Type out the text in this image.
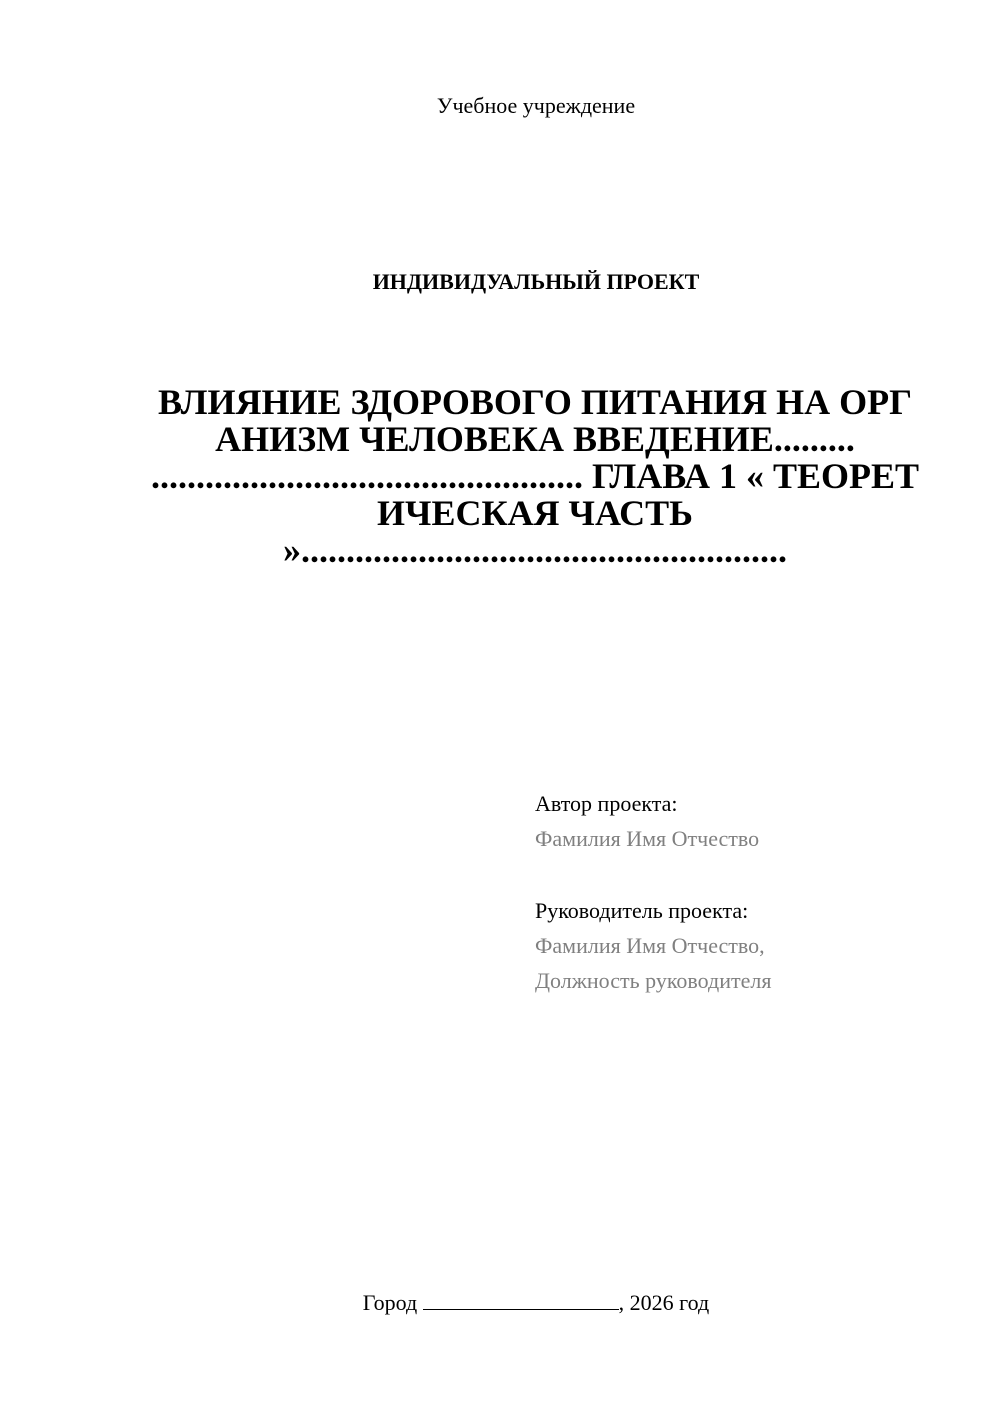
Учебное учреждение
ИНДИВИДУАЛЬНЫЙ ПРОЕКТ
ВЛИЯНИЕ ЗДОРОВОГО ПИТАНИЯ НА ОРГАНИЗМ ЧЕЛОВЕКА ВВЕДЕНИЕ......... ................................................ ГЛАВА 1 « ТЕОРЕТИЧЕСКАЯ ЧАСТЬ »......................................................
Автор проекта:
Фамилия Имя Отчество
Руководитель проекта:
Фамилия Имя Отчество,
Должность руководителя
Город	, 2026 год
